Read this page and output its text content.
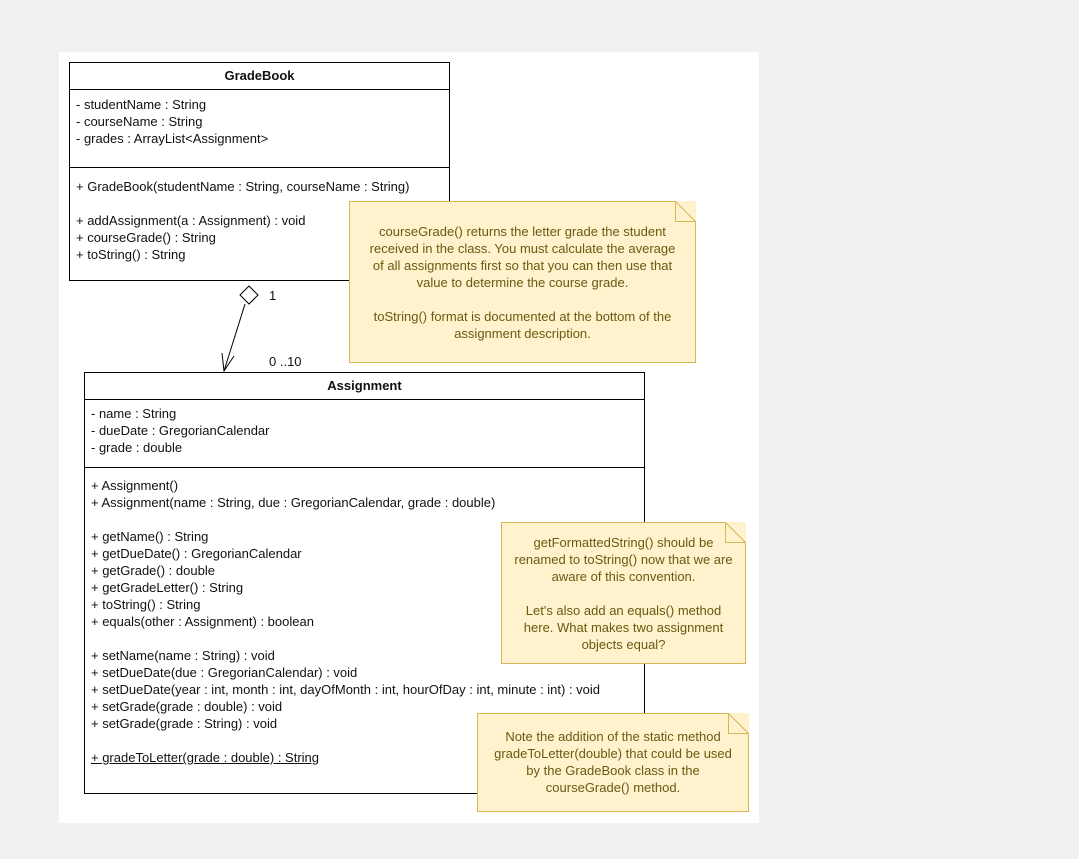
GradeBook
- studentName : String
- courseName : String
- grades : ArrayList<Assignment>
+ GradeBook(studentName : String, courseName : String)
+ addAssignment(a : Assignment) : void
+ courseGrade() : String
+ toString() : String
Assignment
- name : String
- dueDate : GregorianCalendar
- grade : double
+ Assignment()
+ Assignment(name : String, due : GregorianCalendar, grade : double)
+ getName() : String
+ getDueDate() : GregorianCalendar
+ getGrade() : double
+ getGradeLetter() : String
+ toString() : String
+ equals(other : Assignment) : boolean
+ setName(name : String) : void
+ setDueDate(due : GregorianCalendar) : void
+ setDueDate(year : int, month : int, dayOfMonth : int, hourOfDay : int, minute : int) : void
+ setGrade(grade : double) : void
+ setGrade(grade : String) : void
+ gradeToLetter(grade : double) : String
1
0 ..10
courseGrade() returns the letter grade the student
received in the class. You must calculate the average
of all assignments first so that you can then use that
value to determine the course grade.
toString() format is documented at the bottom of the
assignment description.
getFormattedString() should be
renamed to toString() now that we are
aware of this convention.
Let's also add an equals() method
here. What makes two assignment
objects equal?
Note the addition of the static method
gradeToLetter(double) that could be used
by the GradeBook class in the
courseGrade() method.
